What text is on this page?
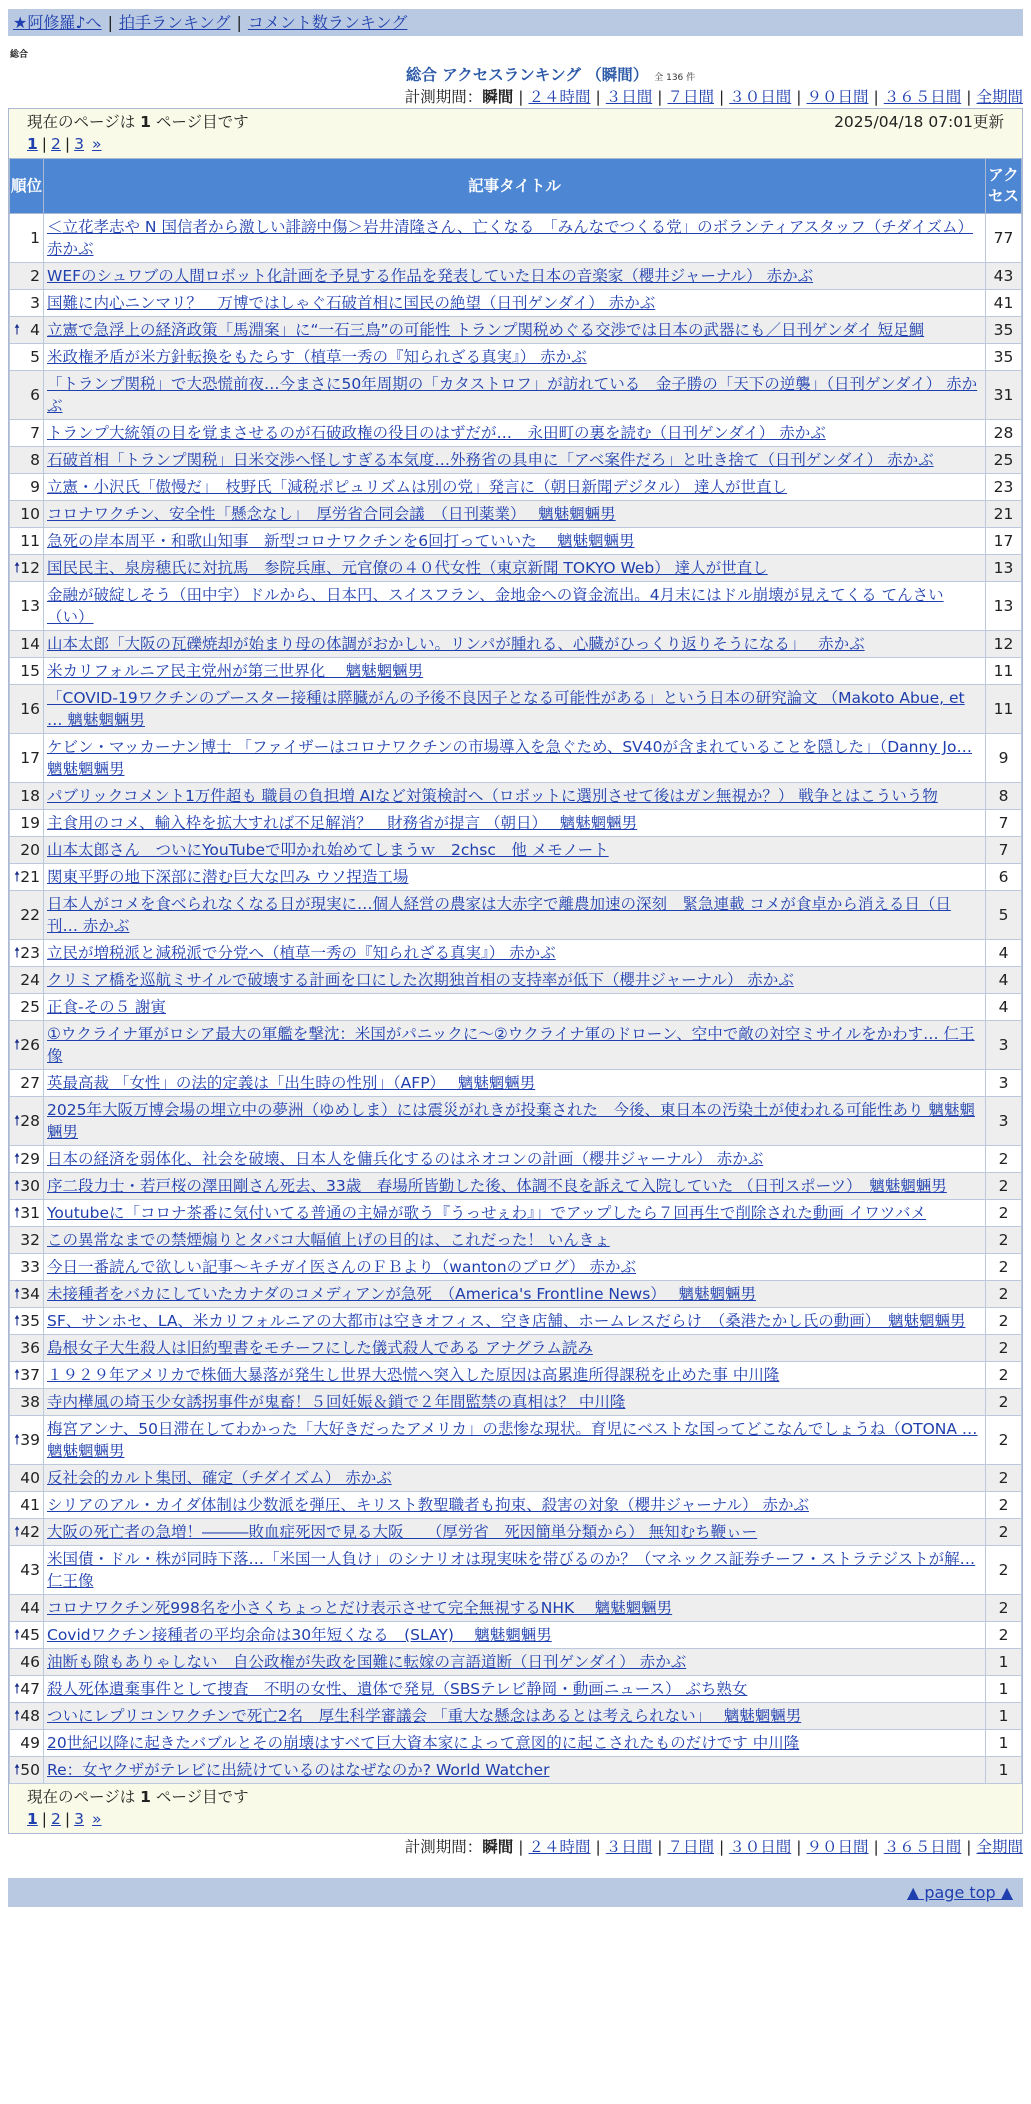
★阿修羅♪へ | 拍手ランキング | コメント数ランキング
総合
総合 アクセスランキング （瞬間） 全 136 件
計測期間：瞬間 | ２４時間 | ３日間 | ７日間 | ３０日間 | ９０日間 | ３６５日間 | 全期間
現在のページは 1 ページ目です	2025/04/18 07:01更新
1 | 2 | 3 »
順位	記事タイトル	アクセス
1	＜立花孝志や N 国信者から激しい誹謗中傷＞岩井清隆さん、亡くなる　「みんなでつくる党」のボランティアスタッフ（チダイズム） 赤かぶ	77
2	WEFのシュワブの人間ロボット化計画を予見する作品を発表していた日本の音楽家（櫻井ジャーナル） 赤かぶ	43
3	国難に内心ニンマリ？　万博ではしゃぐ石破首相に国民の絶望（日刊ゲンダイ） 赤かぶ	41

🠕 4	立憲で急浮上の経済政策「馬淵案」に“一石三鳥”の可能性 トランプ関税めぐる交渉では日本の武器にも／日刊ゲンダイ 短足鯛	35
5	米政権矛盾が米方針転換をもたらす（植草一秀の『知られざる真実』） 赤かぶ	35
6	「トランプ関税」で大恐慌前夜…今まさに50年周期の「カタストロフ」が訪れている　金子勝の「天下の逆襲」（日刊ゲンダイ） 赤かぶ	31
7	トランプ大統領の目を覚まさせるのが石破政権の役目のはずだが…　永田町の裏を読む（日刊ゲンダイ） 赤かぶ	28
8	石破首相「トランプ関税」日米交渉へ怪しすぎる本気度…外務省の具申に「アベ案件だろ」と吐き捨て（日刊ゲンダイ） 赤かぶ	25
9	立憲・小沢氏「傲慢だ」　枝野氏「減税ポピュリズムは別の党」発言に（朝日新聞デジタル） 達人が世直し	23
10	コロナワクチン、安全性「懸念なし」　厚労省合同会議　（日刊薬業）　 魑魅魍魎男	21
11	急死の岸本周平・和歌山知事　新型コロナワクチンを6回打っていいた　 魑魅魍魎男	17

🠕 12	国民民主、泉房穂氏に対抗馬　参院兵庫、元官僚の４０代女性（東京新聞 TOKYO Web） 達人が世直し	13
13	金融が破綻しそう（田中宇）ドルから、日本円、スイスフラン、金地金への資金流出。4月末にはドル崩壊が見えてくる てんさい（い）	13
14	山本太郎「大阪の瓦礫焼却が始まり母の体調がおかしい。リンパが腫れる、心臓がひっくり返りそうになる」　 赤かぶ	12
15	米カリフォルニア民主党州が第三世界化　 魑魅魍魎男	11
16	「COVID-19ワクチンのブースター接種は膵臓がんの予後不良因子となる可能性がある」という日本の研究論文 （Makoto Abue, et … 魑魅魍魎男	11
17	ケビン・マッカーナン博士 「ファイザーはコロナワクチンの市場導入を急ぐため、SV40が含まれていることを隠した」（Danny Jo… 魑魅魍魎男	9
18	パブリックコメント1万件超も 職員の負担増 AIなど対策検討へ（ロボットに選別させて後はガン無視か？） 戦争とはこういう物	8
19	主食用のコメ、輸入枠を拡大すれば不足解消？　財務省が提言 （朝日）　 魑魅魍魎男	7
20	山本太郎さん　ついにYouTubeで叩かれ始めてしまうｗ　2chsc　他 メモノート	7

🠕 21	関東平野の地下深部に潜む巨大な凹み ウソ捏造工場	6
22	日本人がコメを食べられなくなる日が現実に…個人経営の農家は大赤字で離農加速の深刻　緊急連載 コメが食卓から消える日（日刊… 赤かぶ	5

🠕 23	立民が増税派と減税派で分党へ（植草一秀の『知られざる真実』） 赤かぶ	4
24	クリミア橋を巡航ミサイルで破壊する計画を口にした次期独首相の支持率が低下（櫻井ジャーナル） 赤かぶ	4
25	正食-その５ 謝寅	4

🠕 26	①ウクライナ軍がロシア最大の軍艦を撃沈：米国がパニックに〜②ウクライナ軍のドローン、空中で敵の対空ミサイルをかわす… 仁王像	3
27	英最高裁 「女性」の法的定義は「出生時の性別」（AFP）　 魑魅魍魎男	3

🠕 28	2025年大阪万博会場の埋立中の夢洲（ゆめしま）には震災がれきが投棄された　今後、東日本の汚染土が使われる可能性あり 魑魅魍魎男	3

🠕 29	日本の経済を弱体化、社会を破壊、日本人を傭兵化するのはネオコンの計画（櫻井ジャーナル） 赤かぶ	2

🠕 30	序二段力士・若戸桜の澤田剛さん死去、33歳　春場所皆勤した後、体調不良を訴えて入院していた （日刊スポーツ）　魑魅魍魎男	2

🠕 31	Youtubeに「コロナ茶番に気付いてる普通の主婦が歌う『うっせぇわ』」でアップしたら７回再生で削除された動画 イワツバメ	2
32	この異常なまでの禁煙煽りとタバコ大幅値上げの目的は、これだった！ いんきょ	2
33	今日一番読んで欲しい記事〜キチガイ医さんのＦＢより（wantonのブログ） 赤かぶ	2

🠕 34	未接種者をバカにしていたカナダのコメディアンが急死　（America's Frontline News）　 魑魅魍魎男	2

🠕 35	SF、サンホセ、LA、米カリフォルニアの大都市は空きオフィス、空き店舗、ホームレスだらけ　（桑港たかし氏の動画）　魑魅魍魎男	2
36	島根女子大生殺人は旧約聖書をモチーフにした儀式殺人である アナグラム読み	2

🠕 37	１９２９年アメリカで株価大暴落が発生し世界大恐慌へ突入した原因は高累進所得課税を止めた事 中川隆	2
38	寺内樺風の埼玉少女誘拐事件が鬼畜！５回妊娠＆鎖で２年間監禁の真相は？ 中川隆	2

🠕 39	梅宮アンナ、50日滞在してわかった「大好きだったアメリカ」の悲惨な現状。育児にベストな国ってどこなんでしょうね（OTONA … 魑魅魍魎男	2
40	反社会的カルト集団、確定（チダイズム） 赤かぶ	2
41	シリアのアル・カイダ体制は少数派を弾圧、キリスト教聖職者も拘束、殺害の対象（櫻井ジャーナル） 赤かぶ	2

🠕 42	大阪の死亡者の急増！―――敗血症死因で見る大阪　　（厚労省　死因簡単分類から） 無知むち鞭ぃー	2
43	米国債・ドル・株が同時下落…「米国一人負け」のシナリオは現実味を帯びるのか？（マネックス証券チーフ・ストラテジストが解… 仁王像	2
44	コロナワクチン死998名を小さくちょっとだけ表示させて完全無視するNHK　 魑魅魍魎男	2

🠕 45	Covidワクチン接種者の平均余命は30年短くなる　(SLAY)　 魑魅魍魎男	2
46	油断も隙もありゃしない　自公政権が失政を国難に転嫁の言語道断（日刊ゲンダイ） 赤かぶ	1

🠕 47	殺人死体遺棄事件として捜査　不明の女性、遺体で発見（SBSテレビ静岡・動画ニュース） ぶち熟女	1

🠕 48	ついにレプリコンワクチンで死亡2名　厚生科学審議会 「重大な懸念はあるとは考えられない」　 魑魅魍魎男	1
49	20世紀以降に起きたバブルとその崩壊はすべて巨大資本家によって意図的に起こされたものだけです 中川隆	1

🠕 50	Re：女ヤクザがテレビに出続けているのはなぜなのか? World Watcher	1
現在のページは 1 ページ目です
1 | 2 | 3 »
計測期間：瞬間 | ２４時間 | ３日間 | ７日間 | ３０日間 | ９０日間 | ３６５日間 | 全期間
▲ page top ▲
